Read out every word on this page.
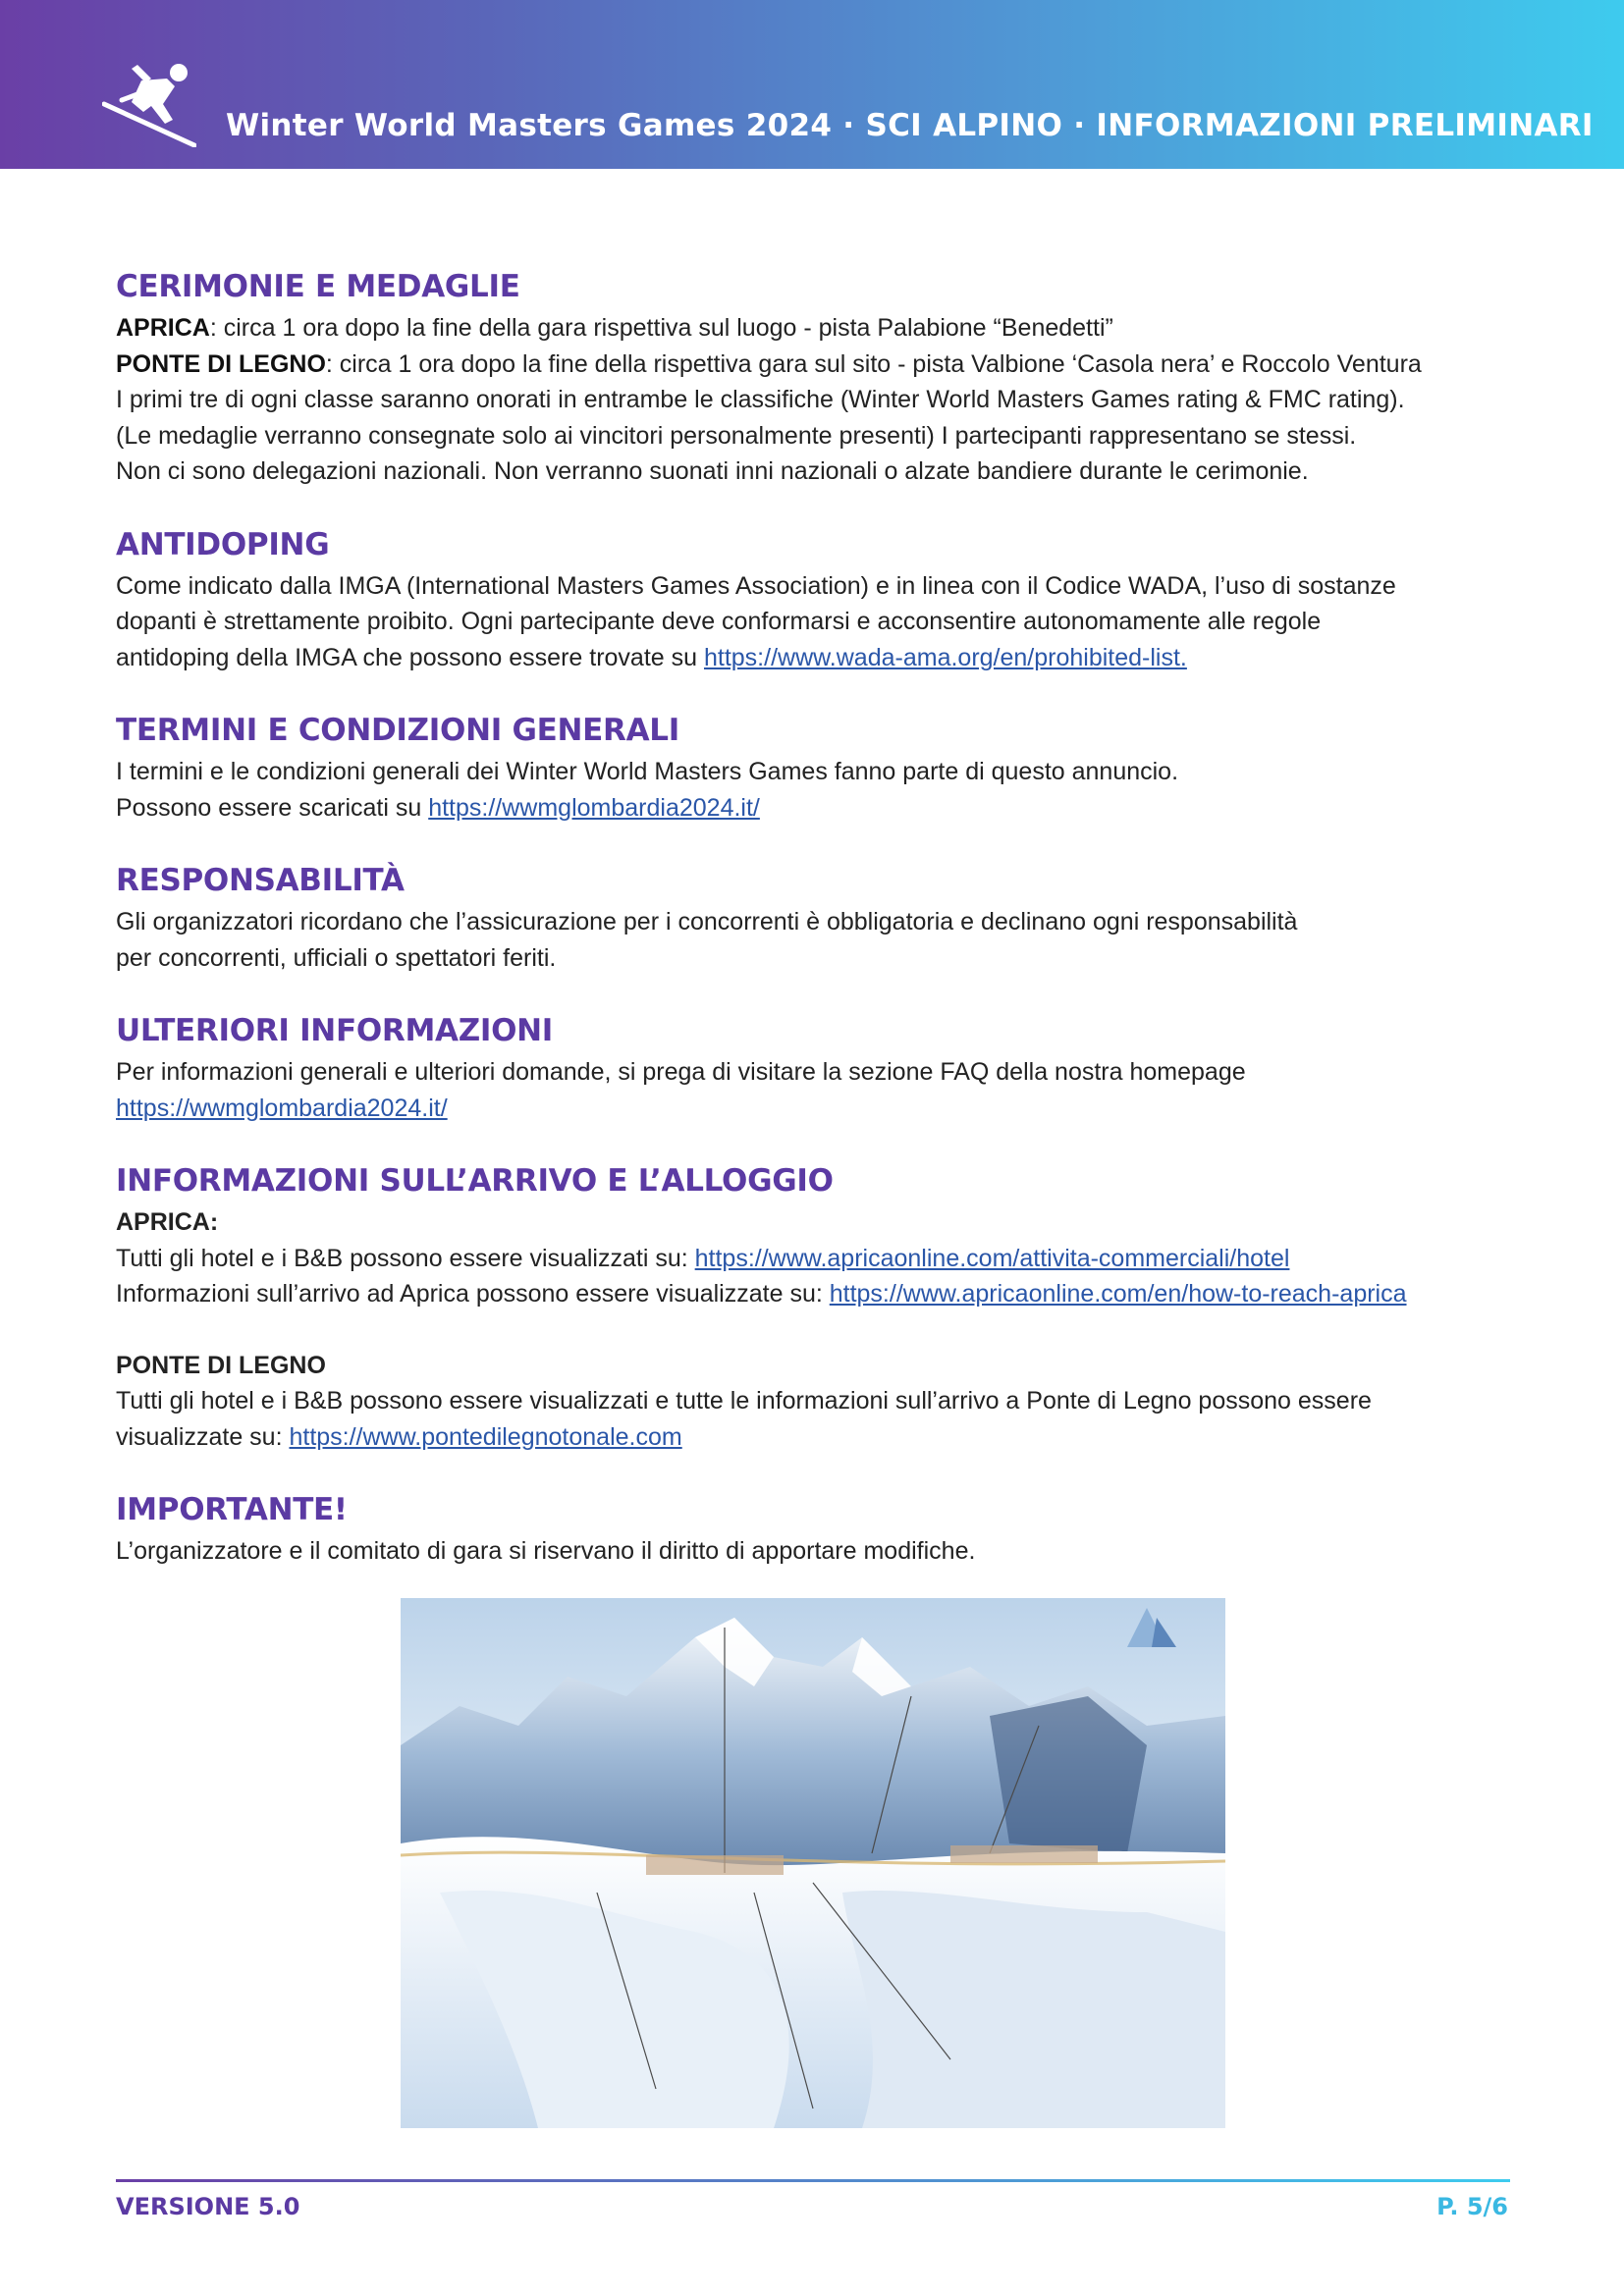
Winter World Masters Games 2024 · SCI ALPINO · INFORMAZIONI PRELIMINARI
CERIMONIE E MEDAGLIE

APRICA: circa 1 ora dopo la fine della gara rispettiva sul luogo - pista Palabione “Benedetti”

PONTE DI LEGNO: circa 1 ora dopo la fine della rispettiva gara sul sito - pista Valbione ‘Casola nera’ e Roccolo Ventura

I primi tre di ogni classe saranno onorati in entrambe le classifiche (Winter World Masters Games rating & FMC rating).

(Le medaglie verranno consegnate solo ai vincitori personalmente presenti) I partecipanti rappresentano se stessi.

Non ci sono delegazioni nazionali. Non verranno suonati inni nazionali o alzate bandiere durante le cerimonie.

ANTIDOPING

Come indicato dalla IMGA (International Masters Games Association) e in linea con il Codice WADA, l’uso di sostanze

dopanti è strettamente proibito. Ogni partecipante deve conformarsi e acconsentire autonomamente alle regole

antidoping della IMGA che possono essere trovate su https://www.wada-ama.org/en/prohibited-list.

TERMINI E CONDIZIONI GENERALI

I termini e le condizioni generali dei Winter World Masters Games fanno parte di questo annuncio.

Possono essere scaricati su https://wwmglombardia2024.it/

RESPONSABILITÀ

Gli organizzatori ricordano che l’assicurazione per i concorrenti è obbligatoria e declinano ogni responsabilità

per concorrenti, ufficiali o spettatori feriti.

ULTERIORI INFORMAZIONI

Per informazioni generali e ulteriori domande, si prega di visitare la sezione FAQ della nostra homepage

https://wwmglombardia2024.it/

INFORMAZIONI SULL’ARRIVO E L’ALLOGGIO

APRICA:

Tutti gli hotel e i B&B possono essere visualizzati su: https://www.apricaonline.com/attivita-commerciali/hotel

Informazioni sull’arrivo ad Aprica possono essere visualizzate su: https://www.apricaonline.com/en/how-to-reach-aprica

PONTE DI LEGNO

Tutti gli hotel e i B&B possono essere visualizzati e tutte le informazioni sull’arrivo a Ponte di Legno possono essere

visualizzate su: https://www.pontedilegnotonale.com

IMPORTANTE!

L’organizzatore e il comitato di gara si riservano il diritto di apportare modifiche.

VERSIONE 5.0	P. 5/6
